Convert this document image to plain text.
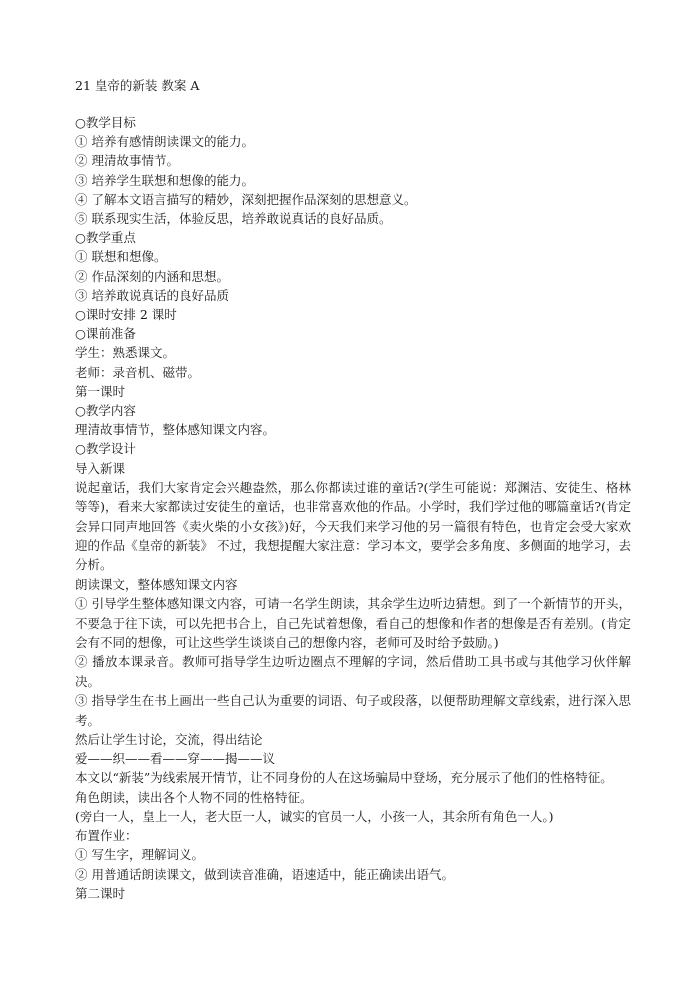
21 皇帝的新装 教案 A

○教学目标

① 培养有感情朗读课文的能力。

② 理清故事情节。

③ 培养学生联想和想像的能力。

④ 了解本文语言描写的精妙，深刻把握作品深刻的思想意义。

⑤ 联系现实生活，体验反思，培养敢说真话的良好品质。

○教学重点

① 联想和想像。

② 作品深刻的内涵和思想。

③ 培养敢说真话的良好品质

○课时安排 2 课时

○课前准备

学生：熟悉课文。

老师：录音机、磁带。

第一课时

○教学内容

理清故事情节，整体感知课文内容。

○教学设计

导入新课

说起童话，我们大家肯定会兴趣盎然，那么你都读过谁的童话?(学生可能说：郑渊洁、安徒生、格林等等)，看来大家都读过安徒生的童话，也非常喜欢他的作品。小学时，我们学过他的哪篇童话?(肯定会异口同声地回答《卖火柴的小女孩》)好，今天我们来学习他的另一篇很有特色，也肯定会受大家欢迎的作品《皇帝的新装》 不过，我想提醒大家注意：学习本文，要学会多角度、多侧面的地学习，去分析。

朗读课文，整体感知课文内容

① 引导学生整体感知课文内容，可请一名学生朗读，其余学生边听边猜想。到了一个新情节的开头，不要急于往下读，可以先把书合上，自己先试着想像，看自己的想像和作者的想像是否有差别。(肯定会有不同的想像，可让这些学生谈谈自己的想像内容，老师可及时给予鼓励。)

② 播放本课录音。教师可指导学生边听边圈点不理解的字词，然后借助工具书或与其他学习伙伴解决。

③ 指导学生在书上画出一些自己认为重要的词语、句子或段落，以便帮助理解文章线索，进行深入思考。

然后让学生讨论，交流，得出结论

爱——织——看——穿——揭——议

本文以“新装”为线索展开情节，让不同身份的人在这场骗局中登场，充分展示了他们的性格特征。

角色朗读，读出各个人物不同的性格特征。

(旁白一人，皇上一人，老大臣一人，诚实的官员一人，小孩一人，其余所有角色一人。)

布置作业：

① 写生字，理解词义。

② 用普通话朗读课文，做到读音准确，语速适中，能正确读出语气。

第二课时
